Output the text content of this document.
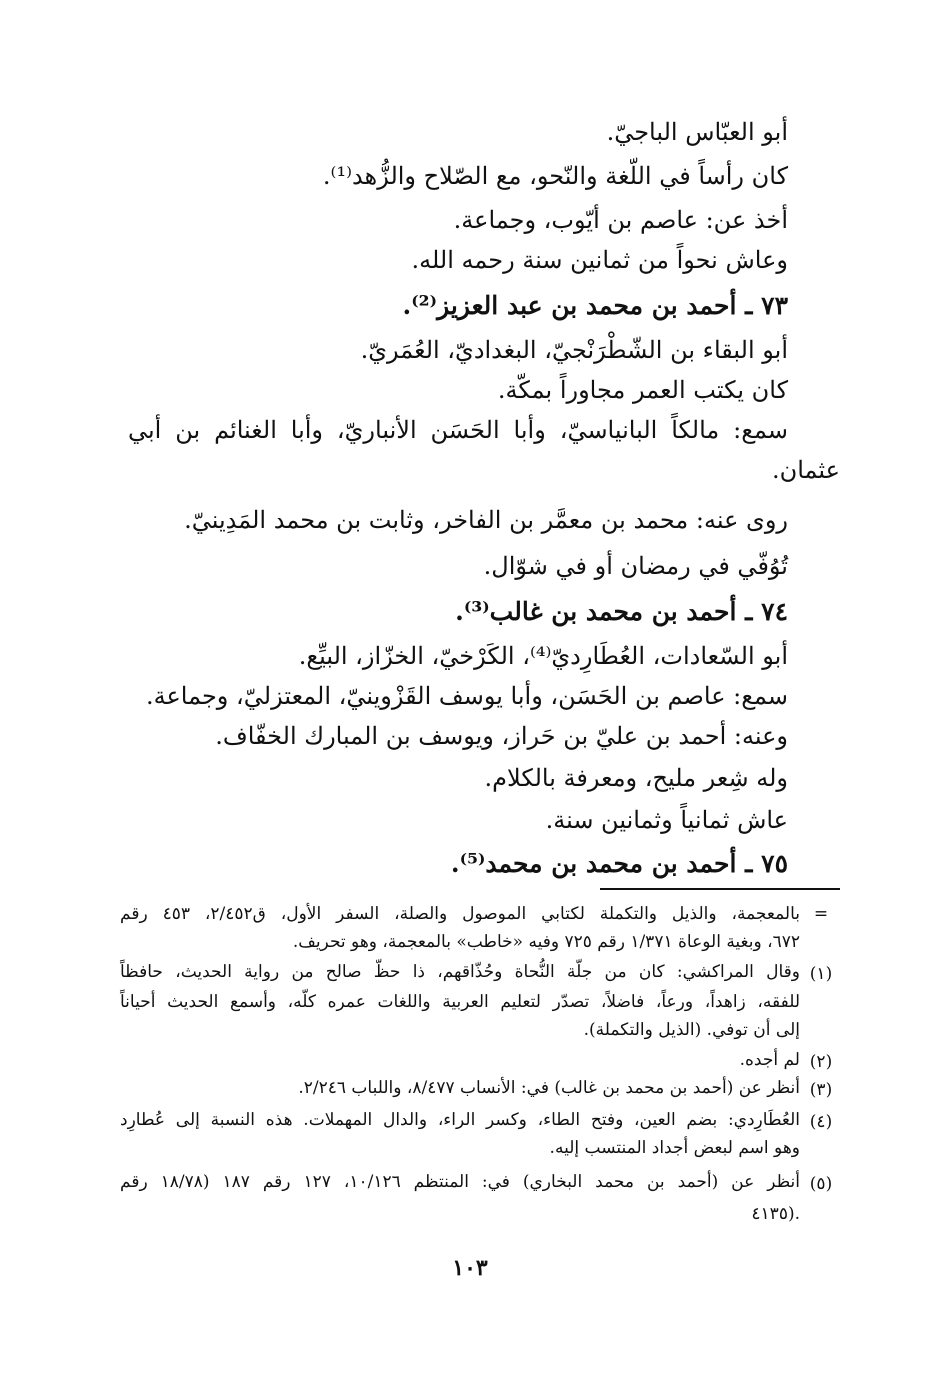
أبو العبّاس الباجيّ.
كان رأساً في اللّغة والنّحو، مع الصّلاح والزُّهد⁽¹⁾.
أخذ عن: عاصم بن أيّوب، وجماعة.
وعاش نحواً من ثمانين سنة رحمه الله.
٧٣ ـ أحمد بن محمد بن عبد العزيز⁽²⁾.
أبو البقاء بن الشّطْرَنْجيّ، البغداديّ، العُمَريّ.
كان يكتب العمر مجاوراً بمكّة.
سمع: مالكاً البانياسيّ، وأبا الحَسَن الأنباريّ، وأبا الغنائم بن أبي
عثمان.
روى عنه: محمد بن معمَّر بن الفاخر، وثابت بن محمد المَدِينيّ.
تُوُفّي في رمضان أو في شوّال.
٧٤ ـ أحمد بن محمد بن غالب⁽³⁾.
أبو السّعادات، العُطَارِديّ⁽⁴⁾، الكَرْخيّ، الخزّاز، البيِّع.
سمع: عاصم بن الحَسَن، وأبا يوسف القَزْوينيّ، المعتزليّ، وجماعة.
وعنه: أحمد بن عليّ بن حَراز، ويوسف بن المبارك الخفّاف.
وله شِعر مليح، ومعرفة بالكلام.
عاش ثمانياً وثمانين سنة.
٧٥ ـ أحمد بن محمد بن محمد⁽⁵⁾.
=
بالمعجمة، والذيل والتكملة لكتابي الموصول والصلة، السفر الأول، ق٢/٤٥٢، ٤٥٣ رقم
٦٧٢، وبغية الوعاة ١/٣٧١ رقم ٧٢٥ وفيه «خاطب» بالمعجمة، وهو تحريف.
(١)
وقال المراكشي: كان من جلّة النُّحاة وحُذّاقهم، ذا حظّ صالح من رواية الحديث، حافظاً
للفقه، زاهداً، ورعاً، فاضلاً، تصدّر لتعليم العربية واللغات عمره كلّه، وأسمع الحديث أحياناً
إلى أن توفي. (الذيل والتكملة).
(٢)
لم أجده.
(٣)
أنظر عن (أحمد بن محمد بن غالب) في: الأنساب ٨/٤٧٧، واللباب ٢/٢٤٦.
(٤)
العُطَارِدي: بضم العين، وفتح الطاء، وكسر الراء، والدال المهملات. هذه النسبة إلى عُطارِد
وهو اسم لبعض أجداد المنتسب إليه.
(٥)
أنظر عن (أحمد بن محمد البخاري) في: المنتظم ١٠/١٢٦، ١٢٧ رقم ١٨٧ (١٨/٧٨ رقم
٤١٣٥).
١٠٣
